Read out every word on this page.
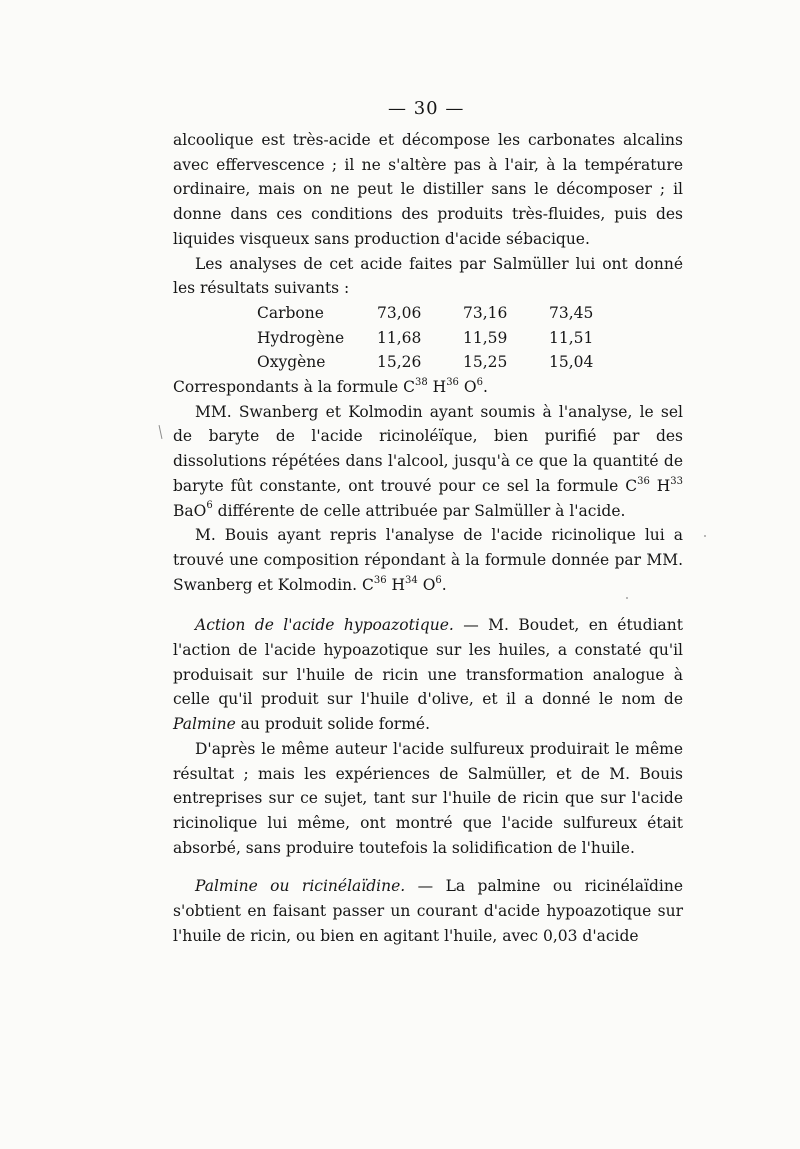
— 30 —

alcoolique est très-acide et décompose les carbonates alcalins avec effervescence ; il ne s'altère pas à l'air, à la température ordinaire, mais on ne peut le distiller sans le décomposer ; il donne dans ces conditions des produits très-fluides, puis des liquides visqueux sans production d'acide sébacique.

Les analyses de cet acide faites par Salmüller lui ont donné les résultats suivants :

Carbone	73,06	73,16	73,45
Hydrogène	11,68	11,59	11,51
Oxygène	15,26	15,25	15,04

Correspondants à la formule $C^{38}$ $H^{36}$ $O^6$.

MM. Swanberg et Kolmodin ayant soumis à l'analyse, le sel de baryte de l'acide ricinoléïque, bien purifié par des dissolutions répétées dans l'alcool, jusqu'à ce que la quantité de baryte fût constante, ont trouvé pour ce sel la formule $C^{36}$ $H^{33}$ BaO$^6$ différente de celle attribuée par Salmüller à l'acide.

M. Bouis ayant repris l'analyse de l'acide ricinolique lui a trouvé une composition répondant à la formule donnée par MM. Swanberg et Kolmodin. $C^{36}$ $H^{34}$ $O^6$.

Action de l'acide hypoazotique. — M. Boudet, en étudiant l'action de l'acide hypoazotique sur les huiles, a constaté qu'il produisait sur l'huile de ricin une transformation analogue à celle qu'il produit sur l'huile d'olive, et il a donné le nom de Palmine au produit solide formé.

D'après le même auteur l'acide sulfureux produirait le même résultat ; mais les expériences de Salmüller, et de M. Bouis entreprises sur ce sujet, tant sur l'huile de ricin que sur l'acide ricinolique lui même, ont montré que l'acide sulfureux était absorbé, sans produire toutefois la solidification de l'huile.

Palmine ou ricinélaïdine. — La palmine ou ricinélaïdine s'obtient en faisant passer un courant d'acide hypoazotique sur l'huile de ricin, ou bien en agitant l'huile, avec 0,03 d'acide
